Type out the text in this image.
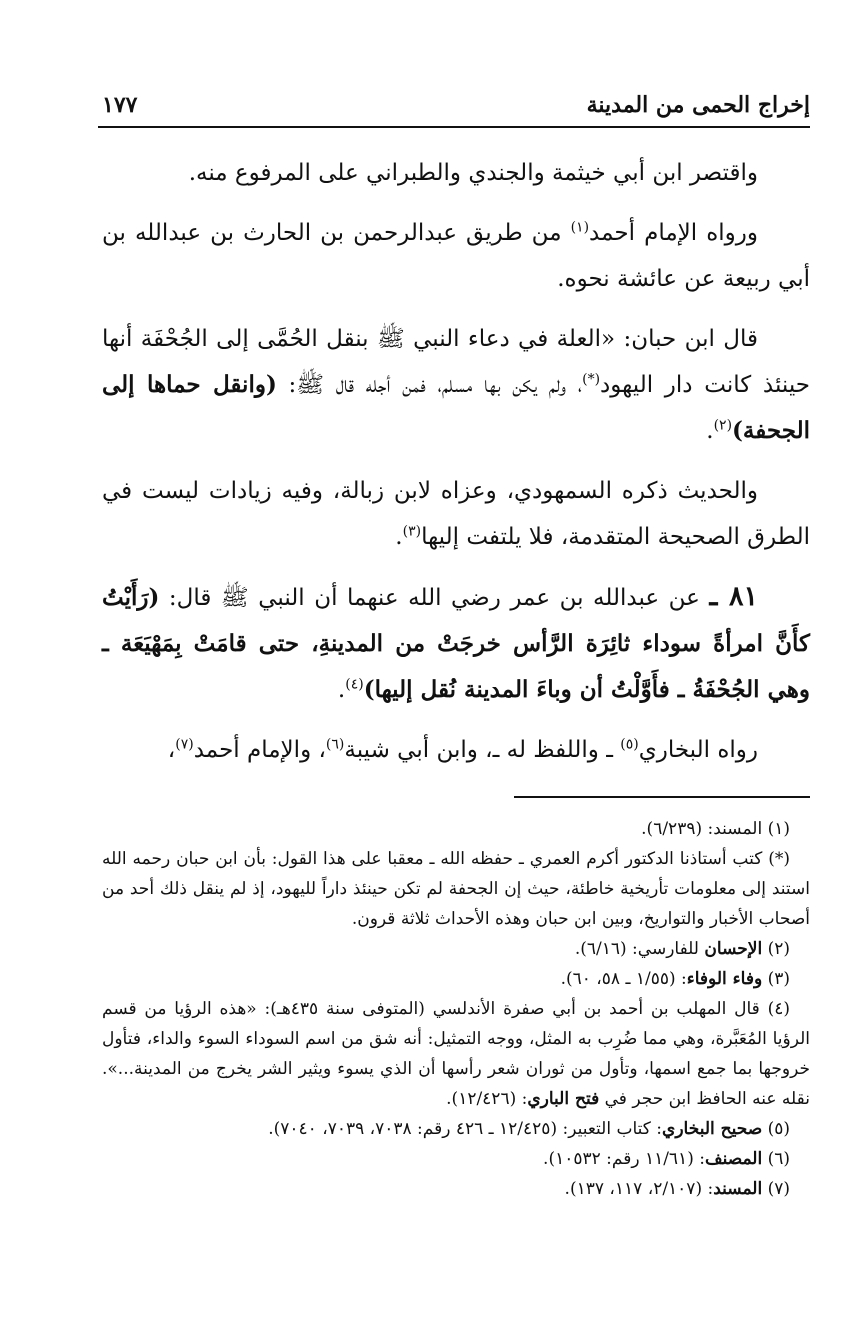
إخراج الحمى من المدينة
١٧٧

واقتصر ابن أبي خيثمة والجندي والطبراني على المرفوع منه.

ورواه الإمام أحمد$^{(١)}$ من طريق عبدالرحمن بن الحارث بن عبدالله بن أبي ربيعة عن عائشة نحوه.

قال ابن حبان: «العلة في دعاء النبي ﷺ بنقل الحُمَّى إلى الجُحْفَة أنها حينئذ كانت دار اليهود(*)، ولم يكن بها مسلم، فمن أجله قال ﷺ: (وانقل حماها إلى الجحفة)$^{(٢)}$.

والحديث ذكره السمهودي، وعزاه لابن زبالة، وفيه زيادات ليست في الطرق الصحيحة المتقدمة، فلا يلتفت إليها$^{(٣)}$.

٨١ ـ عن عبدالله بن عمر رضي الله عنهما أن النبي ﷺ قال: (رَأَيْتُ كأَنَّ امرأةً سوداء ثائِرَة الرَّأس خرجَتْ من المدينةِ، حتى قامَتْ بِمَهْيَعَة ـ وهي الجُحْفَةُ ـ فأَوَّلْتُ أن وباءَ المدينة نُقل إليها)$^{(٤)}$.

رواه البخاري$^{(٥)}$ ـ واللفظ له ـ، وابن أبي شيبة$^{(٦)}$، والإمام أحمد$^{(٧)}$،

(١) المسند: (٦/٢٣٩).

(*) كتب أستاذنا الدكتور أكرم العمري ـ حفظه الله ـ معقبا على هذا القول: بأن ابن حبان رحمه الله استند إلى معلومات تأريخية خاطئة، حيث إن الجحفة لم تكن حينئذ داراً لليهود، إذ لم ينقل ذلك أحد من أصحاب الأخبار والتواريخ، وبين ابن حبان وهذه الأحداث ثلاثة قرون.

(٢) الإحسان للفارسي: (٦/١٦).

(٣) وفاء الوفاء: (١/٥٥ ـ ٥٨، ٦٠).

(٤) قال المهلب بن أحمد بن أبي صفرة الأندلسي (المتوفى سنة ٤٣٥هـ): «هذه الرؤيا من قسم الرؤيا المُعَبَّرة، وهي مما ضُرِب به المثل، ووجه التمثيل: أنه شق من اسم السوداء السوء والداء، فتأول خروجها بما جمع اسمها، وتأول من ثوران شعر رأسها أن الذي يسوء ويثير الشر يخرج من المدينة...». نقله عنه الحافظ ابن حجر في فتح الباري: (١٢/٤٢٦).

(٥) صحيح البخاري: كتاب التعبير: (١٢/٤٢٥ ـ ٤٢٦ رقم: ٧٠٣٨، ٧٠٣٩، ٧٠٤٠).

(٦) المصنف: (١١/٦١ رقم: ١٠٥٣٢).

(٧) المسند: (٢/١٠٧، ١١٧، ١٣٧).
